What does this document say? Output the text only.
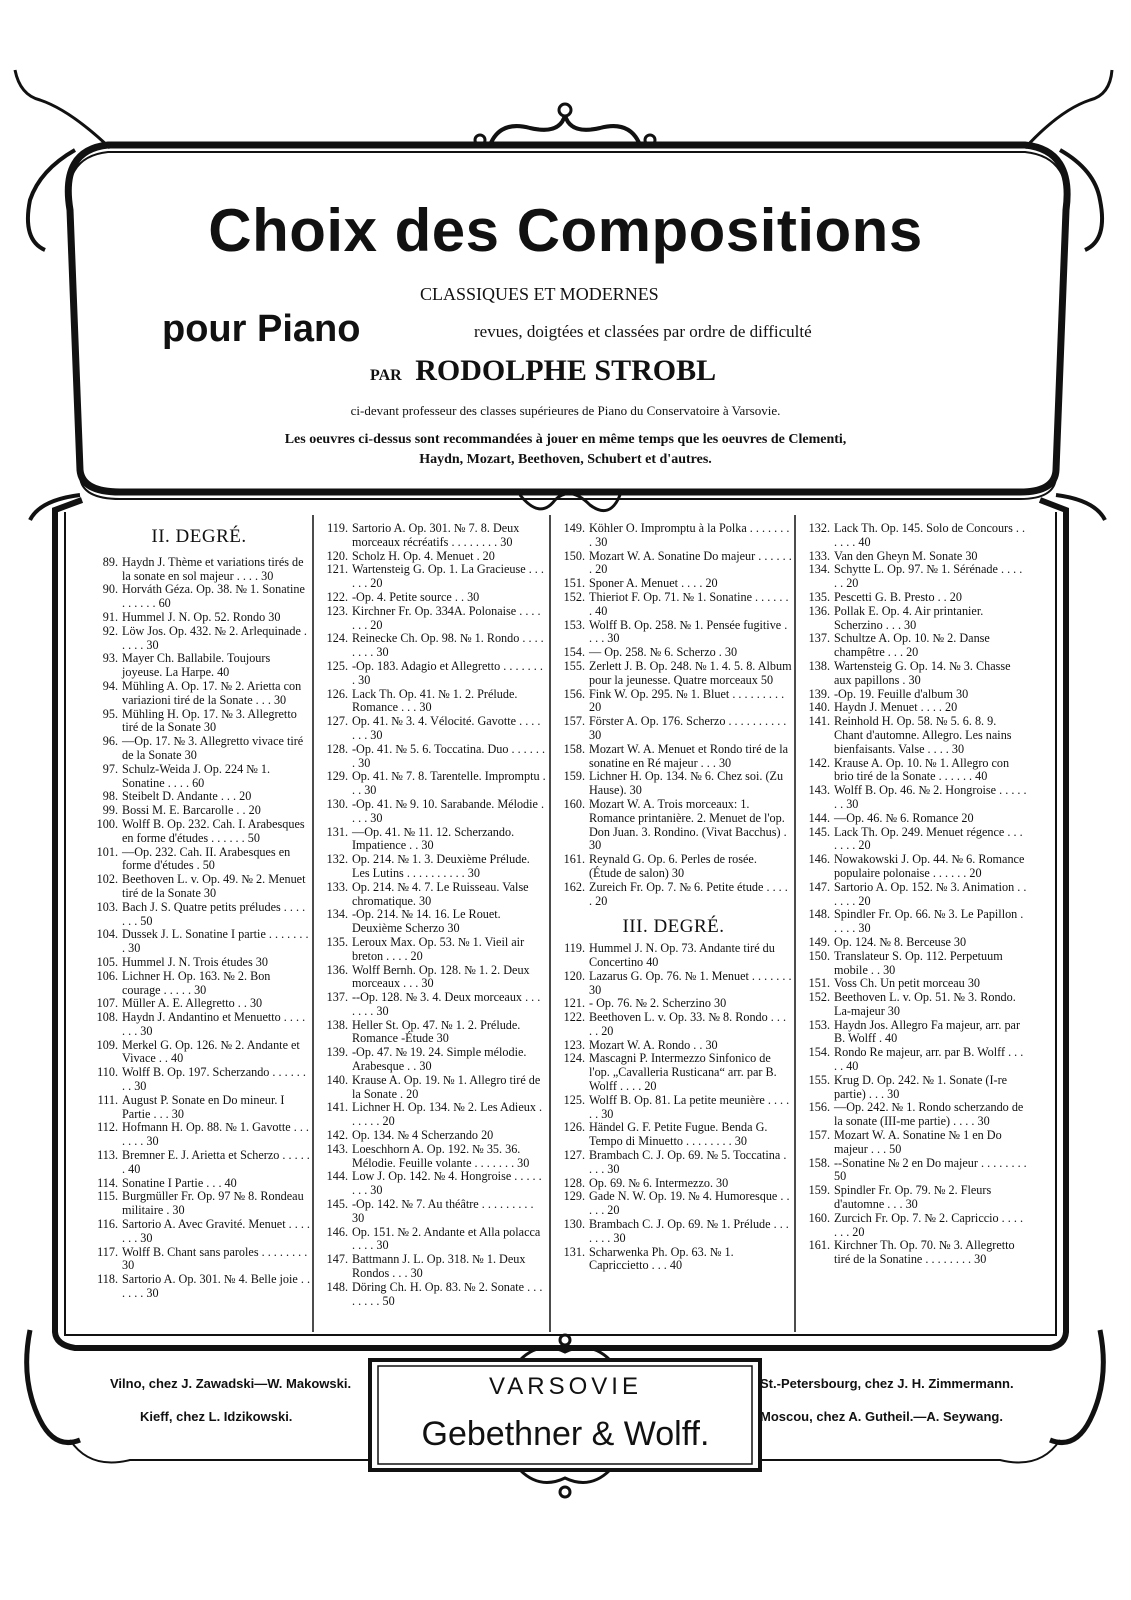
Choix des Compositions
CLASSIQUES ET MODERNES
pour Piano	revues, doigtées et classées par ordre de difficulté
PAR RODOLPHE STROBL
ci-devant professeur des classes supérieures de Piano du Conservatoire à Varsovie.
Les oeuvres ci-dessus sont recommandées à jouer en même temps que les oeuvres de Clementi,
Haydn, Mozart, Beethoven, Schubert et d'autres.
II. DEGRÉ.
89. Haydn J. Thème et variations tirés de la sonate en sol majeur . . . . 30
90. Horváth Géza. Op. 38. № 1. Sonatine . . . . . . 60
91. Hummel J. N. Op. 52. Rondo 30
92. Löw Jos. Op. 432. № 2. Arlequinade . . . . . 30
93. Mayer Ch. Ballabile. Toujours joyeuse. La Harpe. 40
94. Mühling A. Op. 17. № 2. Arietta con variazioni tiré de la Sonate . . . 30
95. Mühling H. Op. 17. № 3. Allegretto tiré de la Sonate 30
96. —Op. 17. № 3. Allegretto vivace tiré de la Sonate 30
97. Schulz-Weida J. Op. 224 № 1. Sonatine . . . . 60
98. Steibelt D. Andante . . . 20
99. Bossi M. E. Barcarolle . . 20
100. Wolff B. Op. 232. Cah. I. Arabesques en forme d'études . . . . . . 50
101. —Op. 232. Cah. II. Arabesques en forme d'études . 50
102. Beethoven L. v. Op. 49. № 2. Menuet tiré de la Sonate 30
103. Bach J. S. Quatre petits préludes . . . . . . . 50
104. Dussek J. L. Sonatine I partie . . . . . . . . 30
105. Hummel J. N. Trois études 30
106. Lichner H. Op. 163. № 2. Bon courage . . . . . 30
107. Müller A. E. Allegretto . . 30
108. Haydn J. Andantino et Menuetto . . . . . . . 30
109. Merkel G. Op. 126. № 2. Andante et Vivace . . 40
110. Wolff B. Op. 197. Scherzando . . . . . . . . 30
111. August P. Sonate en Do mineur. I Partie . . . 30
112. Hofmann H. Op. 88. № 1. Gavotte . . . . . . . 30
113. Bremner E. J. Arietta et Scherzo . . . . . . 40
114. Sonatine I Partie . . . 40
115. Burgmüller Fr. Op. 97 № 8. Rondeau militaire . 30
116. Sartorio A. Avec Gravité. Menuet . . . . . . . 30
117. Wolff B. Chant sans paroles . . . . . . . . 30
118. Sartorio A. Op. 301. № 4. Belle joie . . . . . . 30
119. Sartorio A. Op. 301. № 7. 8. Deux morceaux récréatifs . . . . . . . . 30
120. Scholz H. Op. 4. Menuet . 20
121. Wartensteig G. Op. 1. La Gracieuse . . . . . . 20
122. -Op. 4. Petite source . . 30
123. Kirchner Fr. Op. 334A. Polonaise . . . . . . . 20
124. Reinecke Ch. Op. 98. № 1. Rondo . . . . . . . . 30
125. -Op. 183. Adagio et Allegretto . . . . . . . . 30
126. Lack Th. Op. 41. № 1. 2. Prélude. Romance . . . 30
127. Op. 41. № 3. 4. Vélocité. Gavotte . . . . . . . 30
128. -Op. 41. № 5. 6. Toccatina. Duo . . . . . . . 30
129. Op. 41. № 7. 8. Tarentelle. Impromptu . . . 30
130. -Op. 41. № 9. 10. Sarabande. Mélodie . . . . 30
131. —Op. 41. № 11. 12. Scherzando. Impatience . . 30
132. Op. 214. № 1. 3. Deuxième Prélude. Les Lutins . . . . . . . . . . 30
133. Op. 214. № 4. 7. Le Ruisseau. Valse chromatique. 30
134. -Op. 214. № 14. 16. Le Rouet. Deuxième Scherzo 30
135. Leroux Max. Op. 53. № 1. Vieil air breton . . . . 20
136. Wolff Bernh. Op. 128. № 1. 2. Deux morceaux . . . 30
137. --Op. 128. № 3. 4. Deux morceaux . . . . . . . 30
138. Heller St. Op. 47. № 1. 2. Prélude. Romance -Étude 30
139. -Op. 47. № 19. 24. Simple mélodie. Arabesque . . 30
140. Krause A. Op. 19. № 1. Allegro tiré de la Sonate . 20
141. Lichner H. Op. 134. № 2. Les Adieux . . . . . . 20
142. Op. 134. № 4 Scherzando 20
143. Loeschhorn A. Op. 192. № 35. 36. Mélodie. Feuille volante . . . . . . . 30
144. Low J. Op. 142. № 4. Hongroise . . . . . . . . 30
145. -Op. 142. № 7. Au théâtre . . . . . . . . . 30
146. Op. 151. № 2. Andante et Alla polacca . . . . 30
147. Battmann J. L. Op. 318. № 1. Deux Rondos . . . 30
148. Döring Ch. H. Op. 83. № 2. Sonate . . . . . . . . 50
149. Köhler O. Impromptu à la Polka . . . . . . . . 30
150. Mozart W. A. Sonatine Do majeur . . . . . . . 20
151. Sponer A. Menuet . . . . 20
152. Thieriot F. Op. 71. № 1. Sonatine . . . . . . . 40
153. Wolff B. Op. 258. № 1. Pensée fugitive . . . . 30
154. — Op. 258. № 6. Scherzo . 30
155. Zerlett J. B. Op. 248. № 1. 4. 5. 8. Album pour la jeunesse. Quatre morceaux 50
156. Fink W. Op. 295. № 1. Bluet . . . . . . . . . 20
157. Förster A. Op. 176. Scherzo . . . . . . . . . . 30
158. Mozart W. A. Menuet et Rondo tiré de la sonatine en Ré majeur . . . 30
159. Lichner H. Op. 134. № 6. Chez soi. (Zu Hause). 30
160. Mozart W. A. Trois morceaux: 1. Romance printanière. 2. Menuet de l'op. Don Juan. 3. Rondino. (Vivat Bacchus) . 30
161. Reynald G. Op. 6. Perles de rosée. (Étude de salon) 30
162. Zureich Fr. Op. 7. № 6. Petite étude . . . . . 20
III. DEGRÉ.
119. Hummel J. N. Op. 73. Andante tiré du Concertino 40
120. Lazarus G. Op. 76. № 1. Menuet . . . . . . . 30
121. - Op. 76. № 2. Scherzino 30
122. Beethoven L. v. Op. 33. № 8. Rondo . . . . . 20
123. Mozart W. A. Rondo . . 30
124. Mascagni P. Intermezzo Sinfonico de l'op. „Cavalleria Rusticana“ arr. par B. Wolff . . . . 20
125. Wolff B. Op. 81. La petite meunière . . . . . . 30
126. Händel G. F. Petite Fugue. Benda G. Tempo di Minuetto . . . . . . . . 30
127. Brambach C. J. Op. 69. № 5. Toccatina . . . . 30
128. Op. 69. № 6. Intermezzo. 30
129. Gade N. W. Op. 19. № 4. Humoresque . . . . . 20
130. Brambach C. J. Op. 69. № 1. Prélude . . . . . . . 30
131. Scharwenka Ph. Op. 63. № 1. Capriccietto . . . 40
132. Lack Th. Op. 145. Solo de Concours . . . . . . 40
133. Van den Gheyn M. Sonate 30
134. Schytte L. Op. 97. № 1. Sérénade . . . . . . 20
135. Pescetti G. B. Presto . . 20
136. Pollak E. Op. 4. Air printanier. Scherzino . . . 30
137. Schultze A. Op. 10. № 2. Danse champêtre . . . 20
138. Wartensteig G. Op. 14. № 3. Chasse aux papillons . 30
139. -Op. 19. Feuille d'album 30
140. Haydn J. Menuet . . . . 20
141. Reinhold H. Op. 58. № 5. 6. 8. 9. Chant d'automne. Allegro. Les nains bienfaisants. Valse . . . . 30
142. Krause A. Op. 10. № 1. Allegro con brio tiré de la Sonate . . . . . . 40
143. Wolff B. Op. 46. № 2. Hongroise . . . . . . . 30
144. —Op. 46. № 6. Romance 20
145. Lack Th. Op. 249. Menuet régence . . . . . . . 20
146. Nowakowski J. Op. 44. № 6. Romance populaire polonaise . . . . . . 20
147. Sartorio A. Op. 152. № 3. Animation . . . . . . 20
148. Spindler Fr. Op. 66. № 3. Le Papillon . . . . . 30
149. Op. 124. № 8. Berceuse 30
150. Translateur S. Op. 112. Perpetuum mobile . . 30
151. Voss Ch. Un petit morceau 30
152. Beethoven L. v. Op. 51. № 3. Rondo. La-majeur 30
153. Haydn Jos. Allegro Fa majeur, arr. par B. Wolff . 40
154. Rondo Re majeur, arr. par B. Wolff . . . . . 40
155. Krug D. Op. 242. № 1. Sonate (I-re partie) . . . 30
156. —Op. 242. № 1. Rondo scherzando de la sonate (III-me partie) . . . . 30
157. Mozart W. A. Sonatine № 1 en Do majeur . . . 50
158. --Sonatine № 2 en Do majeur . . . . . . . . 50
159. Spindler Fr. Op. 79. № 2. Fleurs d'automne . . . 30
160. Zurcich Fr. Op. 7. № 2. Capriccio . . . . . . . 20
161. Kirchner Th. Op. 70. № 3. Allegretto tiré de la Sonatine . . . . . . . . 30
Vilno, chez J. Zawadski—W. Makowski.
Kieff, chez L. Idzikowski.
VARSOVIE
Gebethner & Wolff.
St.-Petersbourg, chez J. H. Zimmermann.
Moscou, chez A. Gutheil.—A. Seywang.
